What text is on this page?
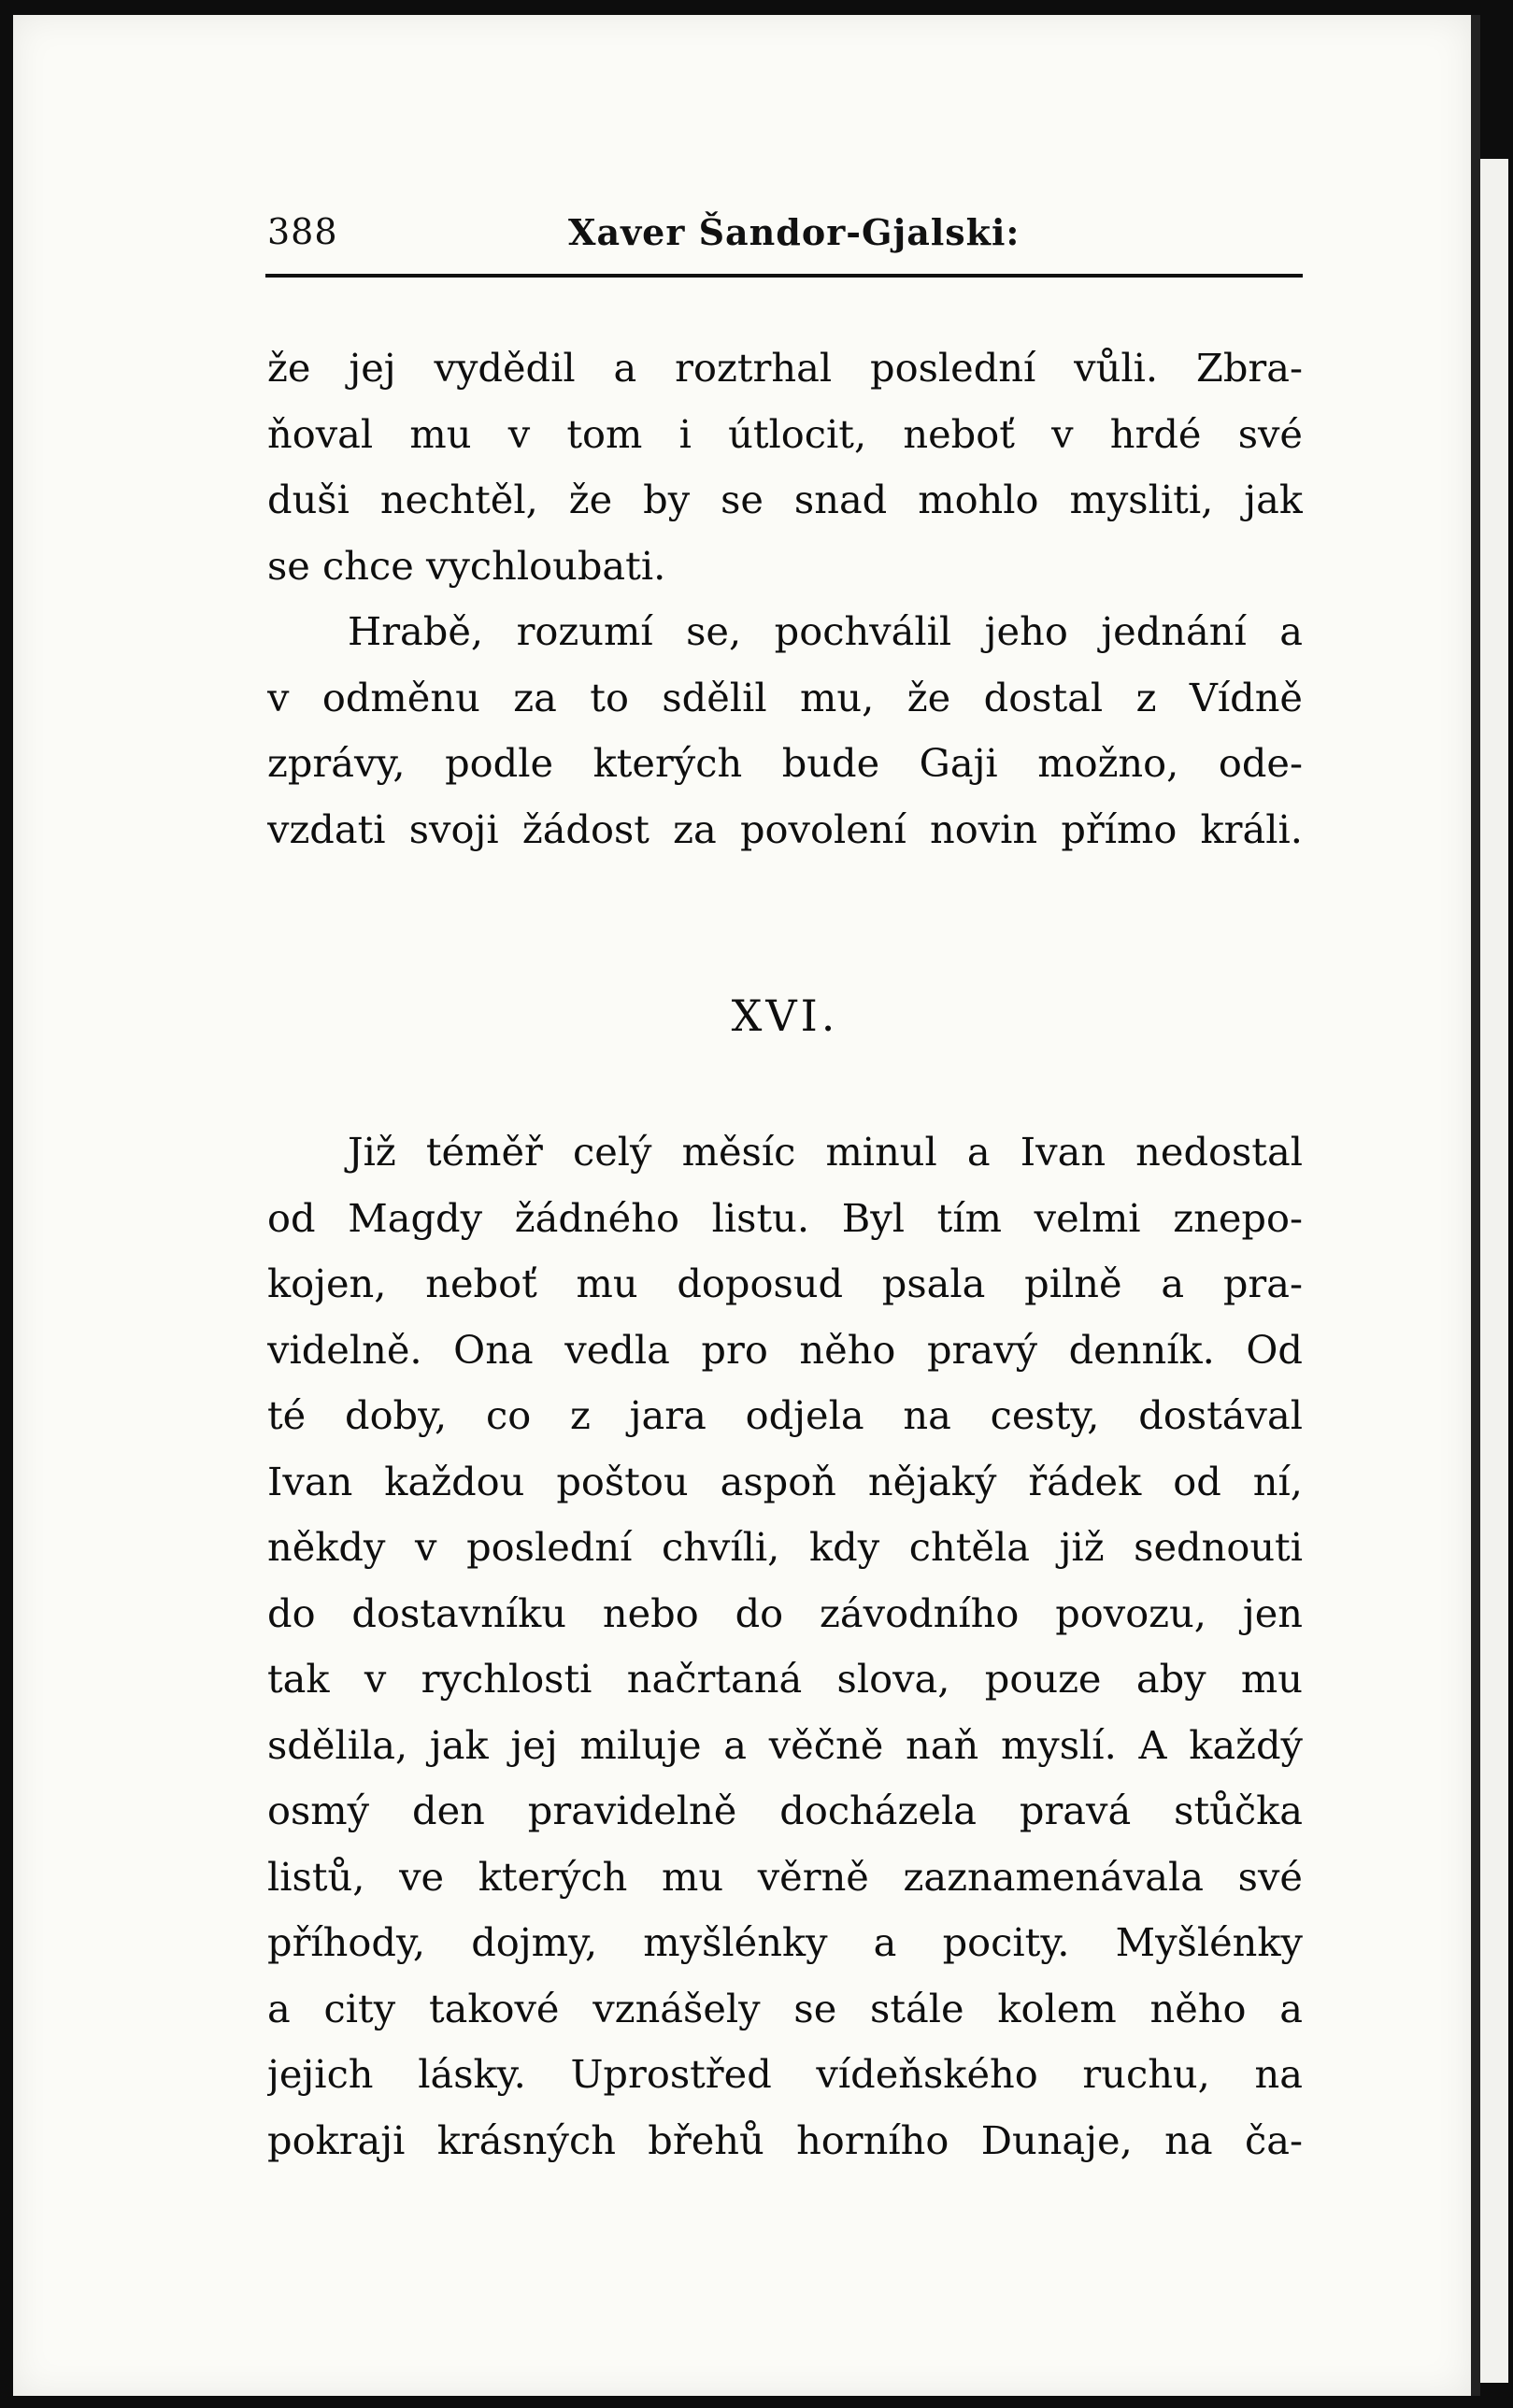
388	Xaver Šandor-Gjalski:
že jej vydědil a roztrhal poslední vůli. Zbra-
ňoval mu v tom i útlocit, neboť v hrdé své
duši nechtěl, že by se snad mohlo mysliti, jak
se chce vychloubati.
Hrabě, rozumí se, pochválil jeho jednání a
v odměnu za to sdělil mu, že dostal z Vídně
zprávy, podle kterých bude Gaji možno, ode-
vzdati svoji žádost za povolení novin přímo králi.
XVI.
Již téměř celý měsíc minul a Ivan nedostal
od Magdy žádného listu. Byl tím velmi znepo-
kojen, neboť mu doposud psala pilně a pra-
videlně. Ona vedla pro něho pravý denník. Od
té doby, co z jara odjela na cesty, dostával
Ivan každou poštou aspoň nějaký řádek od ní,
někdy v poslední chvíli, kdy chtěla již sednouti
do dostavníku nebo do závodního povozu, jen
tak v rychlosti načrtaná slova, pouze aby mu
sdělila, jak jej miluje a věčně naň myslí. A každý
osmý den pravidelně docházela pravá stůčka
listů, ve kterých mu věrně zaznamenávala své
příhody, dojmy, myšlénky a pocity. Myšlénky
a city takové vznášely se stále kolem něho a
jejich lásky. Uprostřed vídeňského ruchu, na
pokraji krásných břehů horního Dunaje, na ča-
